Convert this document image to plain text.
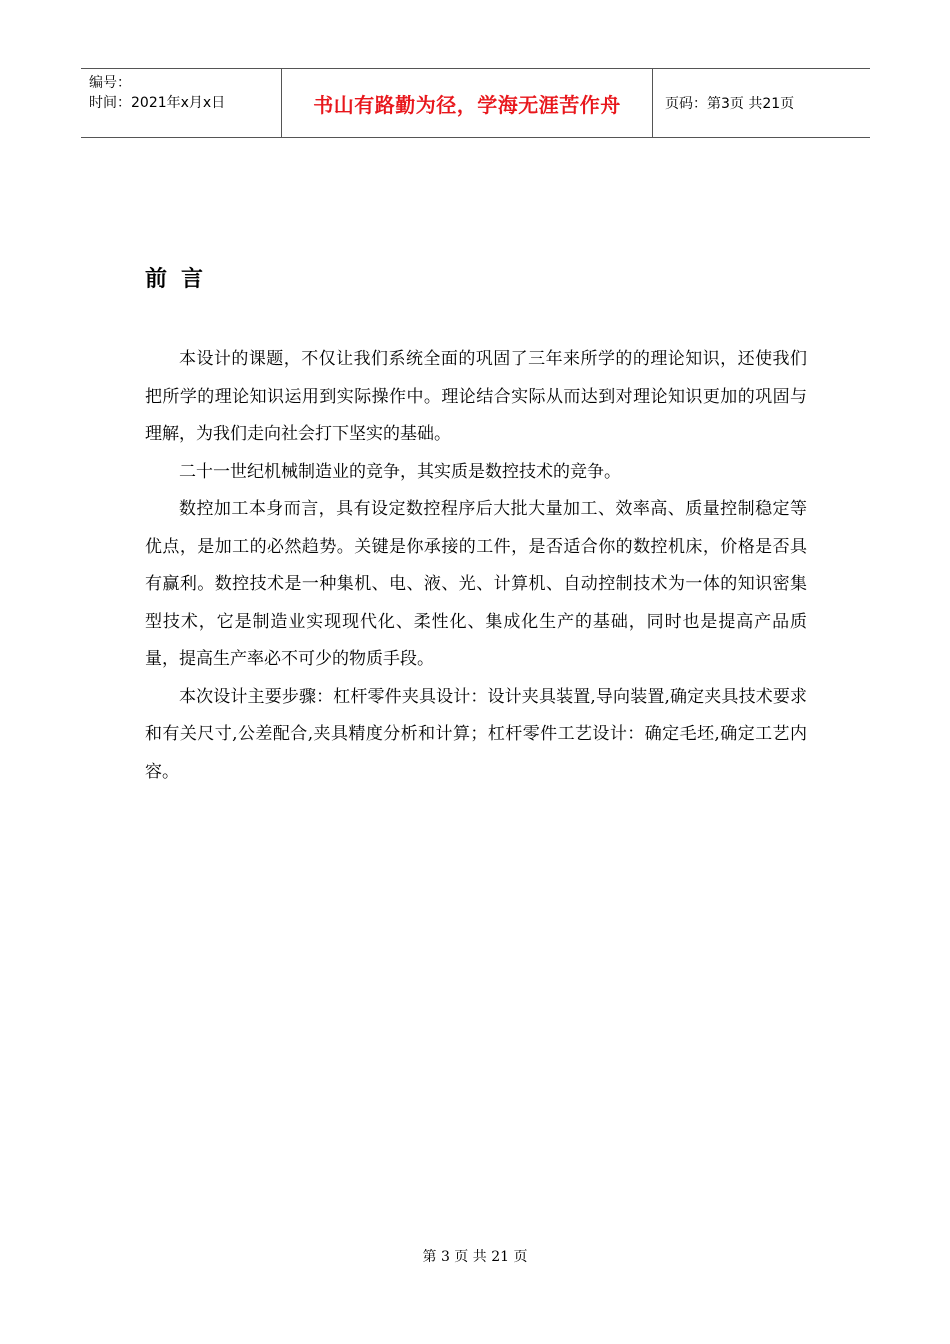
编号：
时间：2021年x月x日	书山有路勤为径，学海无涯苦作舟	页码：第3页 共21页
前言

本设计的课题，不仅让我们系统全面的巩固了三年来所学的的理论知识，还使我们把所学的理论知识运用到实际操作中。理论结合实际从而达到对理论知识更加的巩固与理解，为我们走向社会打下坚实的基础。

二十一世纪机械制造业的竞争，其实质是数控技术的竞争。

数控加工本身而言，具有设定数控程序后大批大量加工、效率高、质量控制稳定等优点，是加工的必然趋势。关键是你承接的工件，是否适合你的数控机床，价格是否具有赢利。数控技术是一种集机、电、液、光、计算机、自动控制技术为一体的知识密集型技术，它是制造业实现现代化、柔性化、集成化生产的基础，同时也是提高产品质量，提高生产率必不可少的物质手段。

本次设计主要步骤：杠杆零件夹具设计：设计夹具装置,导向装置,确定夹具技术要求和有关尺寸,公差配合,夹具精度分析和计算；杠杆零件工艺设计：确定毛坯,确定工艺内容。

第 3 页 共 21 页
